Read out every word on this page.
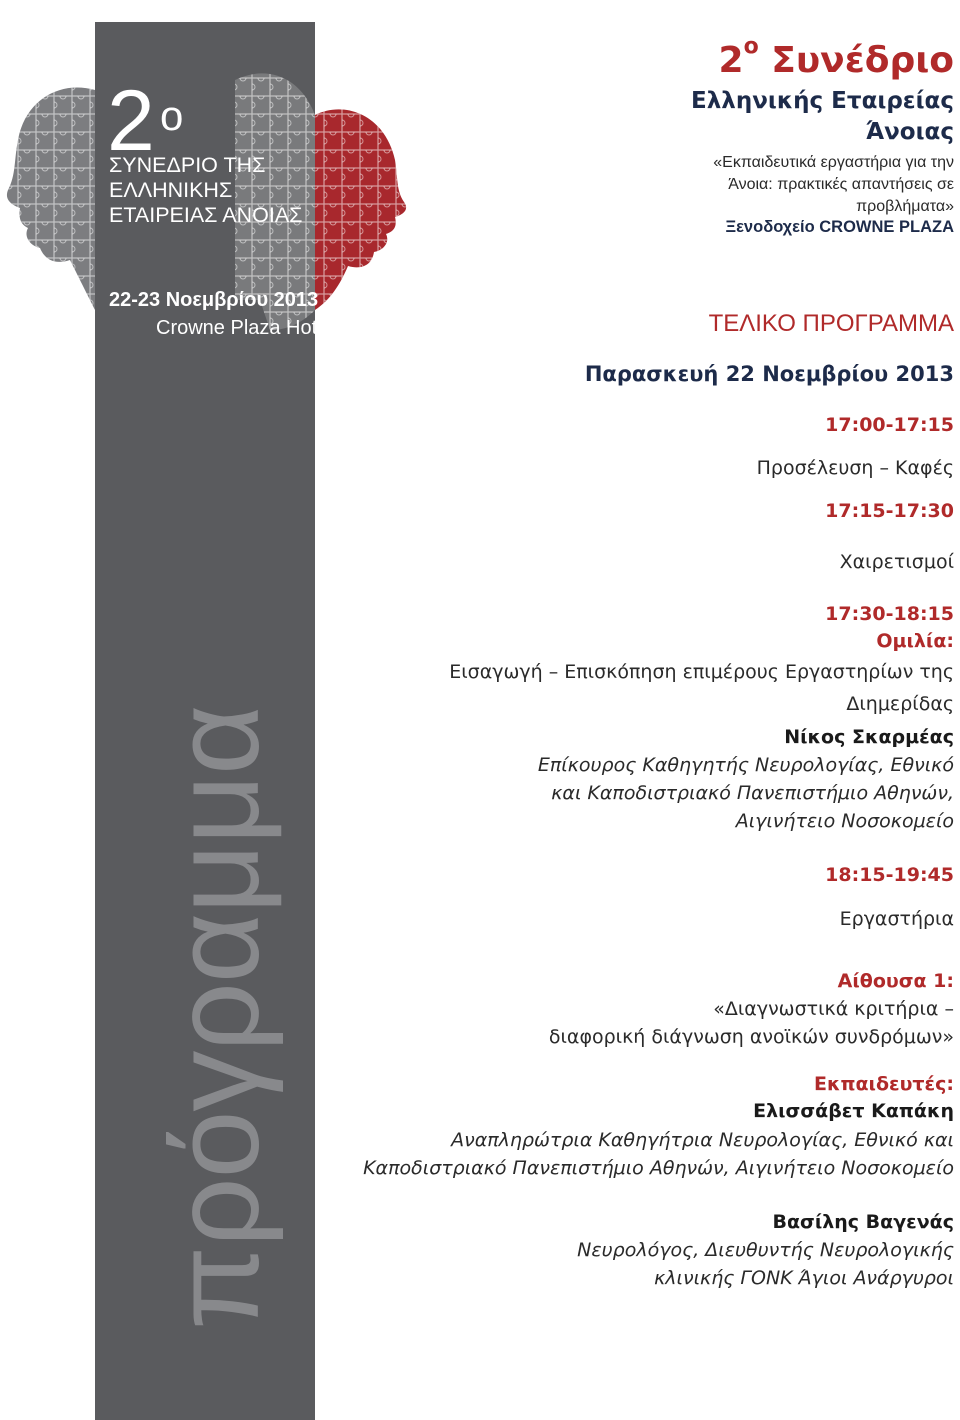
2 ο
ΣΥΝΕΔΡΙΟ ΤΗΣ
ΕΛΛΗΝΙΚΗΣ
ΕΤΑΙΡΕΙΑΣ ΑΝΟΙΑΣ
22-23 Νοεμβρίου 2013
Crowne Plaza Hotel
πρόγραμμα
$2^o$ Συνέδριο
Ελληνικής Εταιρείας
Άνοιας
«Εκπαιδευτικά εργαστήρια για την
Άνοια: πρακτικές απαντήσεις σε
προβλήματα»
Ξενοδοχείο CROWNE PLAZA
ΤΕΛΙΚΟ ΠΡΟΓΡΑΜΜΑ
Παρασκευή 22 Νοεμβρίου 2013
17:00-17:15
Προσέλευση – Καφές
17:15-17:30
Χαιρετισμοί
17:30-18:15
Ομιλία:
Εισαγωγή – Επισκόπηση επιμέρους Εργαστηρίων της
Διημερίδας
Νίκος Σκαρμέας
Επίκουρος Καθηγητής Νευρολογίας, Εθνικό
και Καποδιστριακό Πανεπιστήμιο Αθηνών,
Αιγινήτειο Νοσοκομείο
18:15-19:45
Εργαστήρια
Αίθουσα 1:
«Διαγνωστικά κριτήρια –
διαφορική διάγνωση ανοϊκών συνδρόμων»
Εκπαιδευτές:
Ελισσάβετ Καπάκη
Αναπληρώτρια Καθηγήτρια Νευρολογίας, Εθνικό και
Καποδιστριακό Πανεπιστήμιο Αθηνών, Αιγινήτειο Νοσοκομείο
Βασίλης Βαγενάς
Νευρολόγος, Διευθυντής Νευρολογικής
κλινικής ΓΟΝΚ Άγιοι Ανάργυροι
